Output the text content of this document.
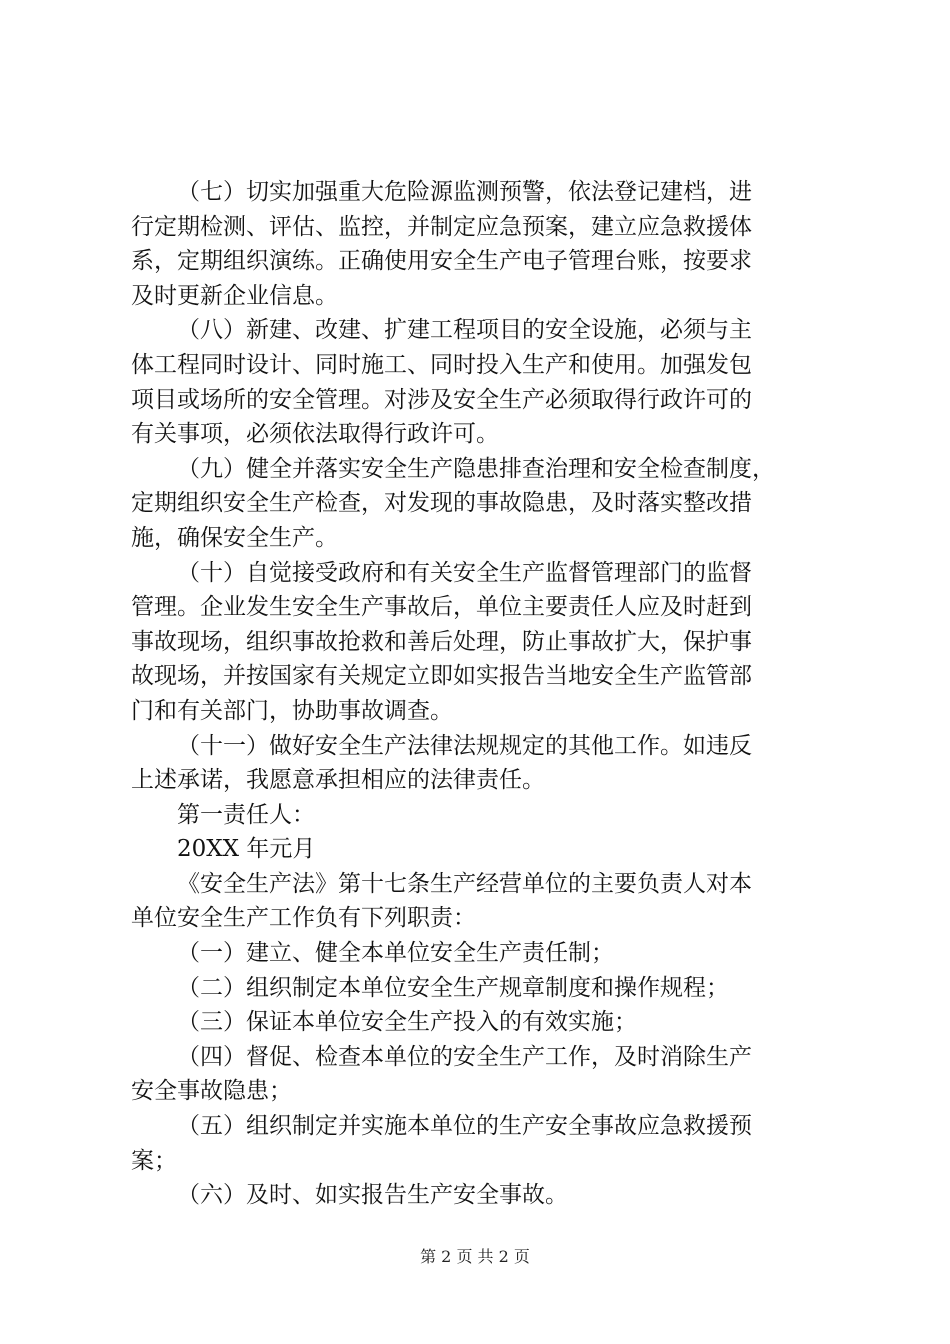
（七）切实加强重大危险源监测预警，依法登记建档，进
行定期检测、评估、监控，并制定应急预案，建立应急救援体
系，定期组织演练。正确使用安全生产电子管理台账，按要求
及时更新企业信息。
（八）新建、改建、扩建工程项目的安全设施，必须与主
体工程同时设计、同时施工、同时投入生产和使用。加强发包
项目或场所的安全管理。对涉及安全生产必须取得行政许可的
有关事项，必须依法取得行政许可。
（九）健全并落实安全生产隐患排查治理和安全检查制度，
定期组织安全生产检查，对发现的事故隐患，及时落实整改措
施，确保安全生产。
（十）自觉接受政府和有关安全生产监督管理部门的监督
管理。企业发生安全生产事故后，单位主要责任人应及时赶到
事故现场，组织事故抢救和善后处理，防止事故扩大，保护事
故现场，并按国家有关规定立即如实报告当地安全生产监管部
门和有关部门，协助事故调查。
（十一）做好安全生产法律法规规定的其他工作。如违反
上述承诺，我愿意承担相应的法律责任。
第一责任人：
20XX 年元月
《安全生产法》第十七条生产经营单位的主要负责人对本
单位安全生产工作负有下列职责：
（一）建立、健全本单位安全生产责任制；
（二）组织制定本单位安全生产规章制度和操作规程；
（三）保证本单位安全生产投入的有效实施；
（四）督促、检查本单位的安全生产工作，及时消除生产
安全事故隐患；
（五）组织制定并实施本单位的生产安全事故应急救援预
案；
（六）及时、如实报告生产安全事故。
第 2 页 共 2 页
